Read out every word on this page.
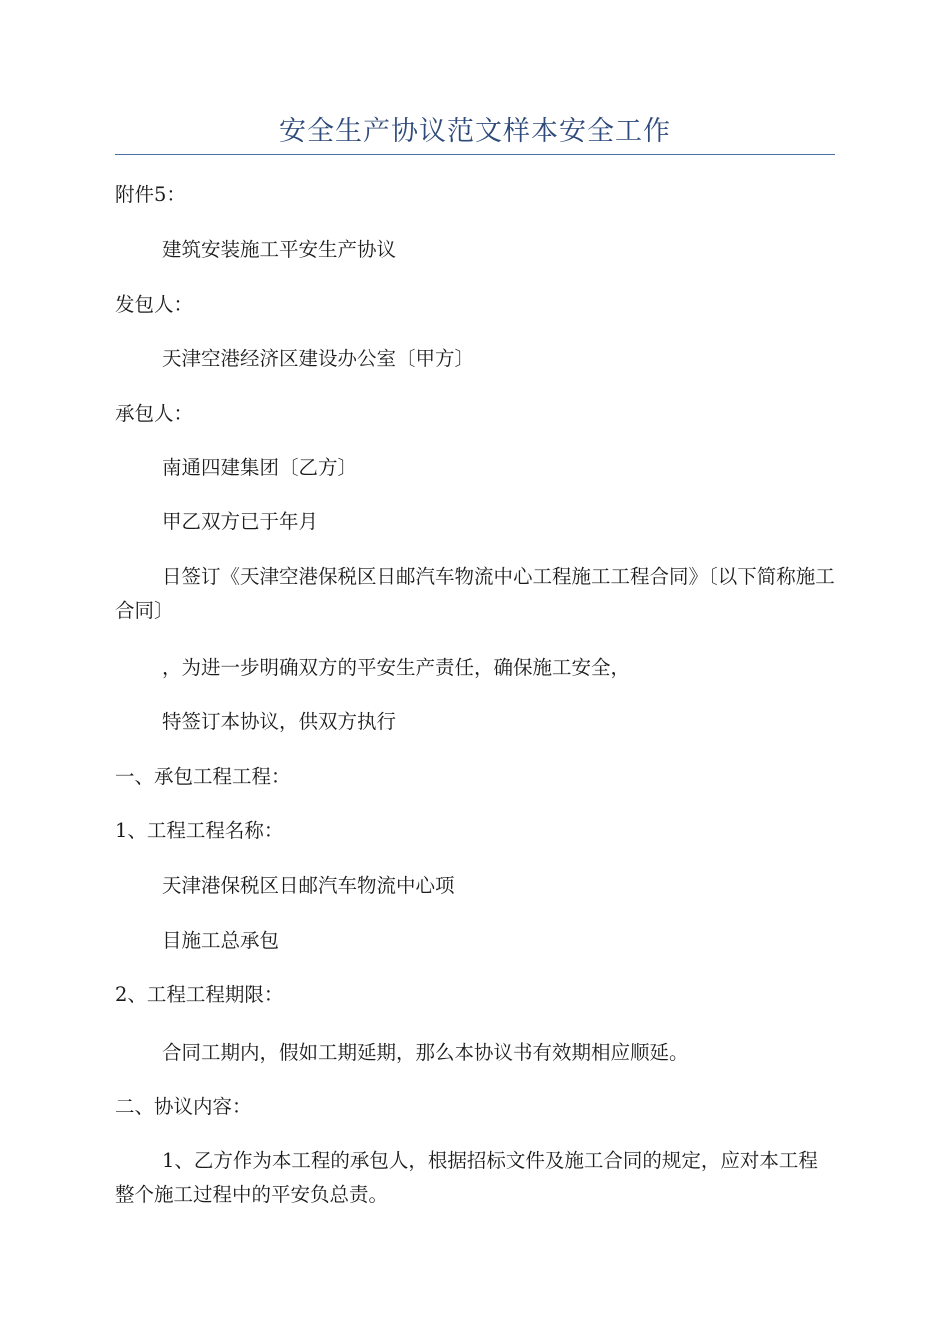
安全生产协议范文样本安全工作
附件5：
建筑安装施工平安生产协议
发包人：
天津空港经济区建设办公室〔甲方〕
承包人：
南通四建集团〔乙方〕
甲乙双方已于年月
日签订《天津空港保税区日邮汽车物流中心工程施工工程合同》〔以下简称施工合同〕
，为进一步明确双方的平安生产责任，确保施工安全，
特签订本协议，供双方执行
一、承包工程工程：
1、工程工程名称：
天津港保税区日邮汽车物流中心项
目施工总承包
2、工程工程期限：
合同工期内，假如工期延期，那么本协议书有效期相应顺延。
二、协议内容：
1、乙方作为本工程的承包人，根据招标文件及施工合同的规定，应对本工程整个施工过程中的平安负总责。
